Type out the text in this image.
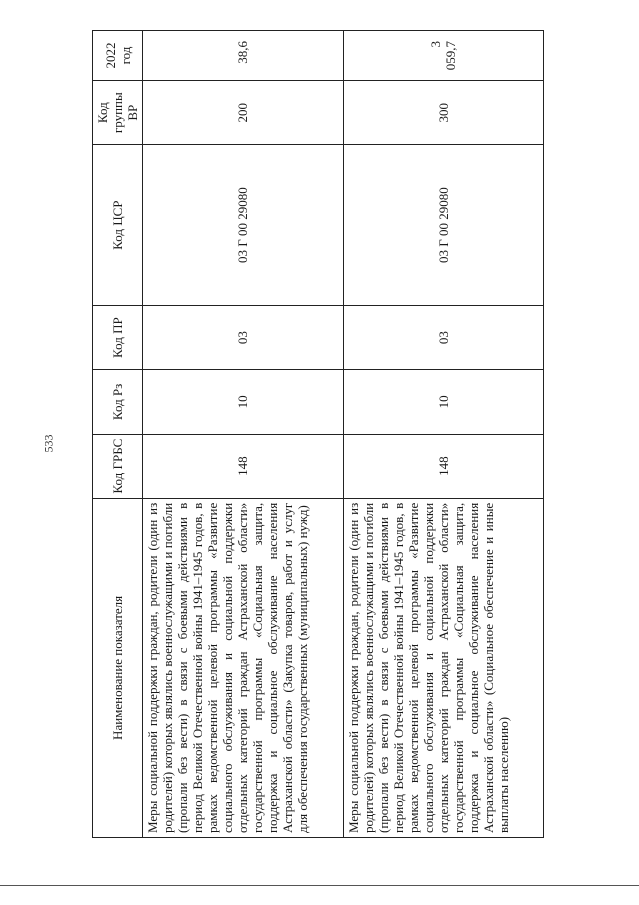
533
Наименование показателя	Код ГРБС	Код Рз	Код ПР	Код ЦСР	Код группы ВР	2022 год
Меры социальной поддержки граждан, родители (один из родителей) которых являлись военнослужащими и погибли (пропали без вести) в связи с боевыми действиями в период Великой Отечественной войны 1941–1945 годов, в рамках ведомственной целевой программы «Развитие социального обслуживания и социальной поддержки отдельных категорий граждан Астраханской области» государственной программы «Социальная защита, поддержка и социальное обслуживание населения Астраханской области» (Закупка товаров, работ и услуг для обеспечения государственных (муниципальных) нужд)	148	10	03	03 Г 00 29080	200	38,6
Меры социальной поддержки граждан, родители (один из родителей) которых являлись военнослужащими и погибли (пропали без вести) в связи с боевыми действиями в период Великой Отечественной войны 1941–1945 годов, в рамках ведомственной целевой программы «Развитие социального обслуживания и социальной поддержки отдельных категорий граждан Астраханской области» государственной программы «Социальная защита, поддержка и социальное обслуживание населения Астраханской области» (Социальное обеспечение и иные выплаты населению)	148	10	03	03 Г 00 29080	300	3 059,7
